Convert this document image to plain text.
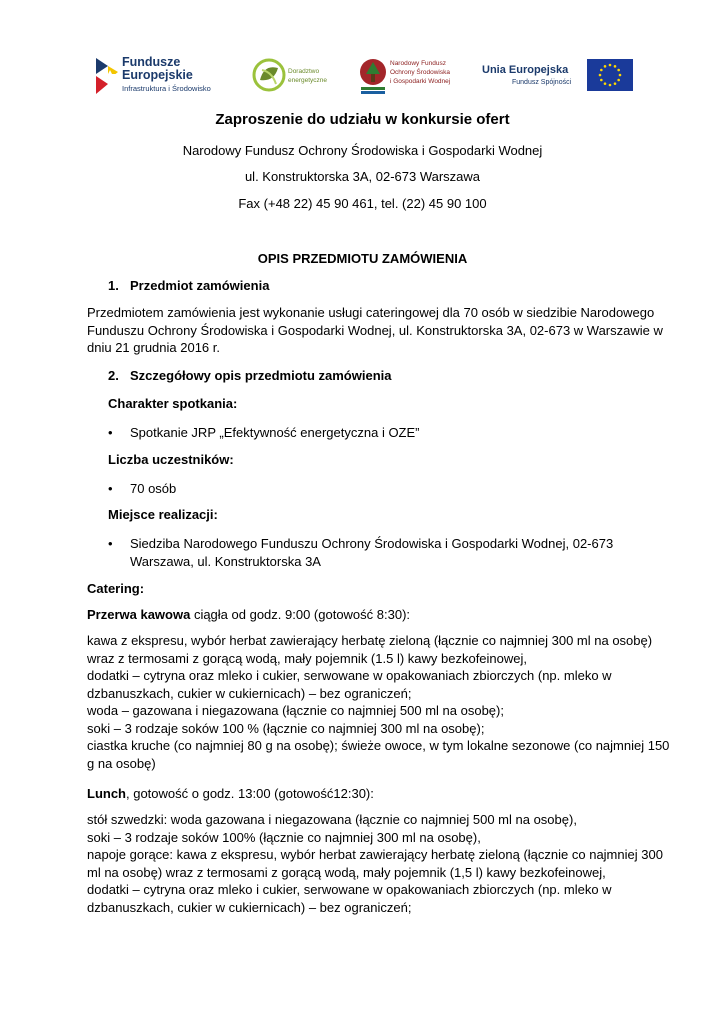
Fundusze
Europejskie
Infrastruktura i Środowisko
Doradztwo
energetyczne
Narodowy Fundusz
Ochrony Środowiska
i Gospodarki Wodnej
Unia Europejska
Fundusz Spójności
Zaproszenie do udziału w konkursie ofert
Narodowy Fundusz Ochrony Środowiska i Gospodarki Wodnej
ul. Konstruktorska 3A, 02-673 Warszawa
Fax (+48 22) 45 90 461, tel. (22) 45 90 100
OPIS PRZEDMIOTU ZAMÓWIENIA
1. Przedmiot zamówienia
Przedmiotem zamówienia jest wykonanie usługi cateringowej dla 70 osób w siedzibie Narodowego
Funduszu Ochrony Środowiska i Gospodarki Wodnej, ul. Konstruktorska 3A, 02-673 w Warszawie w
dniu 21 grudnia 2016 r.
2. Szczegółowy opis przedmiotu zamówienia
Charakter spotkania:
• Spotkanie JRP „Efektywność energetyczna i OZE”
Liczba uczestników:
• 70 osób
Miejsce realizacji:
• Siedziba Narodowego Funduszu Ochrony Środowiska i Gospodarki Wodnej, 02-673
Warszawa, ul. Konstruktorska 3A
Catering:
Przerwa kawowa ciągła od godz. 9:00 (gotowość 8:30):
kawa z ekspresu, wybór herbat zawierający herbatę zieloną (łącznie co najmniej 300 ml na osobę)
wraz z termosami z gorącą wodą, mały pojemnik (1.5 l) kawy bezkofeinowej,
dodatki – cytryna oraz mleko i cukier, serwowane w opakowaniach zbiorczych (np. mleko w
dzbanuszkach, cukier w cukiernicach) – bez ograniczeń;
woda – gazowana i niegazowana (łącznie co najmniej 500 ml na osobę);
soki – 3 rodzaje soków 100 % (łącznie co najmniej 300 ml na osobę);
ciastka kruche (co najmniej 80 g na osobę); świeże owoce, w tym lokalne sezonowe (co najmniej 150
g na osobę)
Lunch, gotowość o godz. 13:00 (gotowość12:30):
stół szwedzki: woda gazowana i niegazowana (łącznie co najmniej 500 ml na osobę),
soki – 3 rodzaje soków 100% (łącznie co najmniej 300 ml na osobę),
napoje gorące: kawa z ekspresu, wybór herbat zawierający herbatę zieloną (łącznie co najmniej 300
ml na osobę) wraz z termosami z gorącą wodą, mały pojemnik (1,5 l) kawy bezkofeinowej,
dodatki – cytryna oraz mleko i cukier, serwowane w opakowaniach zbiorczych (np. mleko w
dzbanuszkach, cukier w cukiernicach) – bez ograniczeń;
